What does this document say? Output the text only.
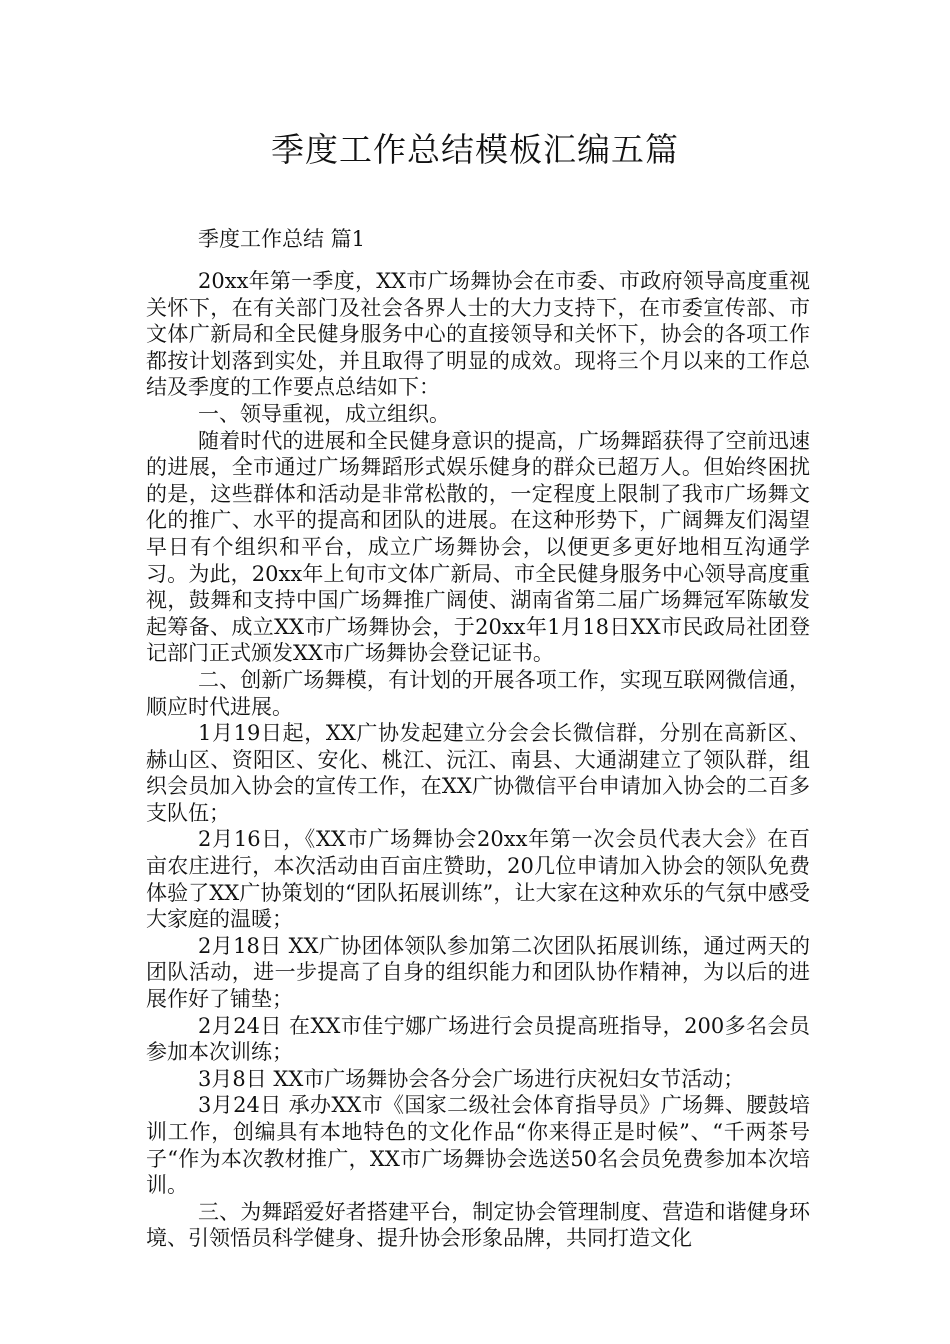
季度工作总结模板汇编五篇
季度工作总结 篇1

20xx年第一季度，XX市广场舞协会在市委、市政府领导高度重视关怀下，在有关部门及社会各界人士的大力支持下，在市委宣传部、市文体广新局和全民健身服务中心的直接领导和关怀下，协会的各项工作都按计划落到实处，并且取得了明显的成效。现将三个月以来的工作总结及季度的工作要点总结如下：

一、领导重视，成立组织。

随着时代的进展和全民健身意识的提高，广场舞蹈获得了空前迅速的进展，全市通过广场舞蹈形式娱乐健身的群众已超万人。但始终困扰的是，这些群体和活动是非常松散的，一定程度上限制了我市广场舞文化的推广、水平的提高和团队的进展。在这种形势下，广阔舞友们渴望早日有个组织和平台，成立广场舞协会，以便更多更好地相互沟通学习。为此，20xx年上旬市文体广新局、市全民健身服务中心领导高度重视，鼓舞和支持中国广场舞推广阔使、湖南省第二届广场舞冠军陈敏发起筹备、成立XX市广场舞协会，于20xx年1月18日XX市民政局社团登记部门正式颁发XX市广场舞协会登记证书。

二、创新广场舞模，有计划的开展各项工作，实现互联网微信通，顺应时代进展。

1月19日起，XX广协发起建立分会会长微信群，分别在高新区、赫山区、资阳区、安化、桃江、沅江、南县、大通湖建立了领队群，组织会员加入协会的宣传工作，在XX广协微信平台申请加入协会的二百多支队伍；

2月16日，《XX市广场舞协会20xx年第一次会员代表大会》在百亩农庄进行，本次活动由百亩庄赞助，20几位申请加入协会的领队免费体验了XX广协策划的“团队拓展训练”，让大家在这种欢乐的气氛中感受大家庭的温暖；

2月18日 XX广协团体领队参加第二次团队拓展训练，通过两天的团队活动，进一步提高了自身的组织能力和团队协作精神，为以后的进展作好了铺垫；

2月24日 在XX市佳宁娜广场进行会员提高班指导，200多名会员参加本次训练；

3月8日 XX市广场舞协会各分会广场进行庆祝妇女节活动；

3月24日 承办XX市《国家二级社会体育指导员》广场舞、腰鼓培训工作，创编具有本地特色的文化作品“你来得正是时候”、“千两茶号子“作为本次教材推广，XX市广场舞协会选送50名会员免费参加本次培训。

三、为舞蹈爱好者搭建平台，制定协会管理制度、营造和谐健身环境、引领悟员科学健身、提升协会形象品牌，共同打造文化
